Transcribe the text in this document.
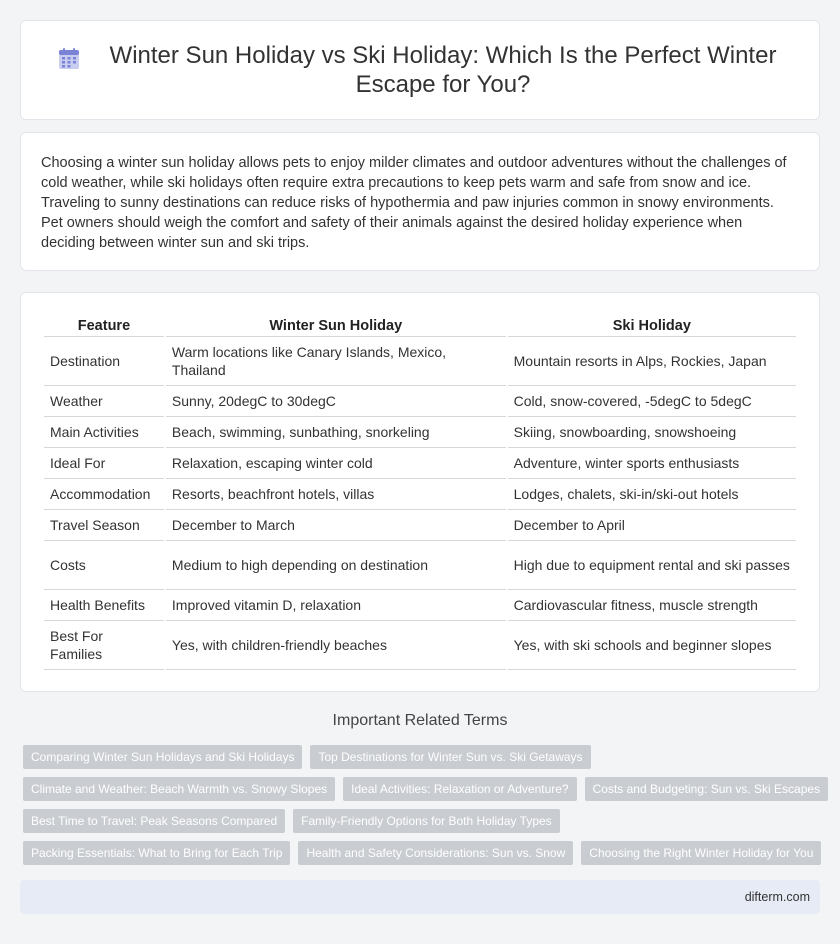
Winter Sun Holiday vs Ski Holiday: Which Is the Perfect Winter Escape for You?

Choosing a winter sun holiday allows pets to enjoy milder climates and outdoor adventures without the challenges of cold weather, while ski holidays often require extra precautions to keep pets warm and safe from snow and ice. Traveling to sunny destinations can reduce risks of hypothermia and paw injuries common in snowy environments. Pet owners should weigh the comfort and safety of their animals against the desired holiday experience when deciding between winter sun and ski trips.

Feature	Winter Sun Holiday	Ski Holiday
Destination	Warm locations like Canary Islands, Mexico, Thailand	Mountain resorts in Alps, Rockies, Japan
Weather	Sunny, 20degC to 30degC	Cold, snow-covered, -5degC to 5degC
Main Activities	Beach, swimming, sunbathing, snorkeling	Skiing, snowboarding, snowshoeing
Ideal For	Relaxation, escaping winter cold	Adventure, winter sports enthusiasts
Accommodation	Resorts, beachfront hotels, villas	Lodges, chalets, ski-in/ski-out hotels
Travel Season	December to March	December to April
Costs	Medium to high depending on destination	High due to equipment rental and ski passes
Health Benefits	Improved vitamin D, relaxation	Cardiovascular fitness, muscle strength
Best For Families	Yes, with children-friendly beaches	Yes, with ski schools and beginner slopes
Important Related Terms
Comparing Winter Sun Holidays and Ski Holidays	Top Destinations for Winter Sun vs. Ski Getaways
Climate and Weather: Beach Warmth vs. Snowy Slopes	Ideal Activities: Relaxation or Adventure?	Costs and Budgeting: Sun vs. Ski Escapes
Best Time to Travel: Peak Seasons Compared	Family-Friendly Options for Both Holiday Types
Packing Essentials: What to Bring for Each Trip	Health and Safety Considerations: Sun vs. Snow	Choosing the Right Winter Holiday for You
difterm.com
